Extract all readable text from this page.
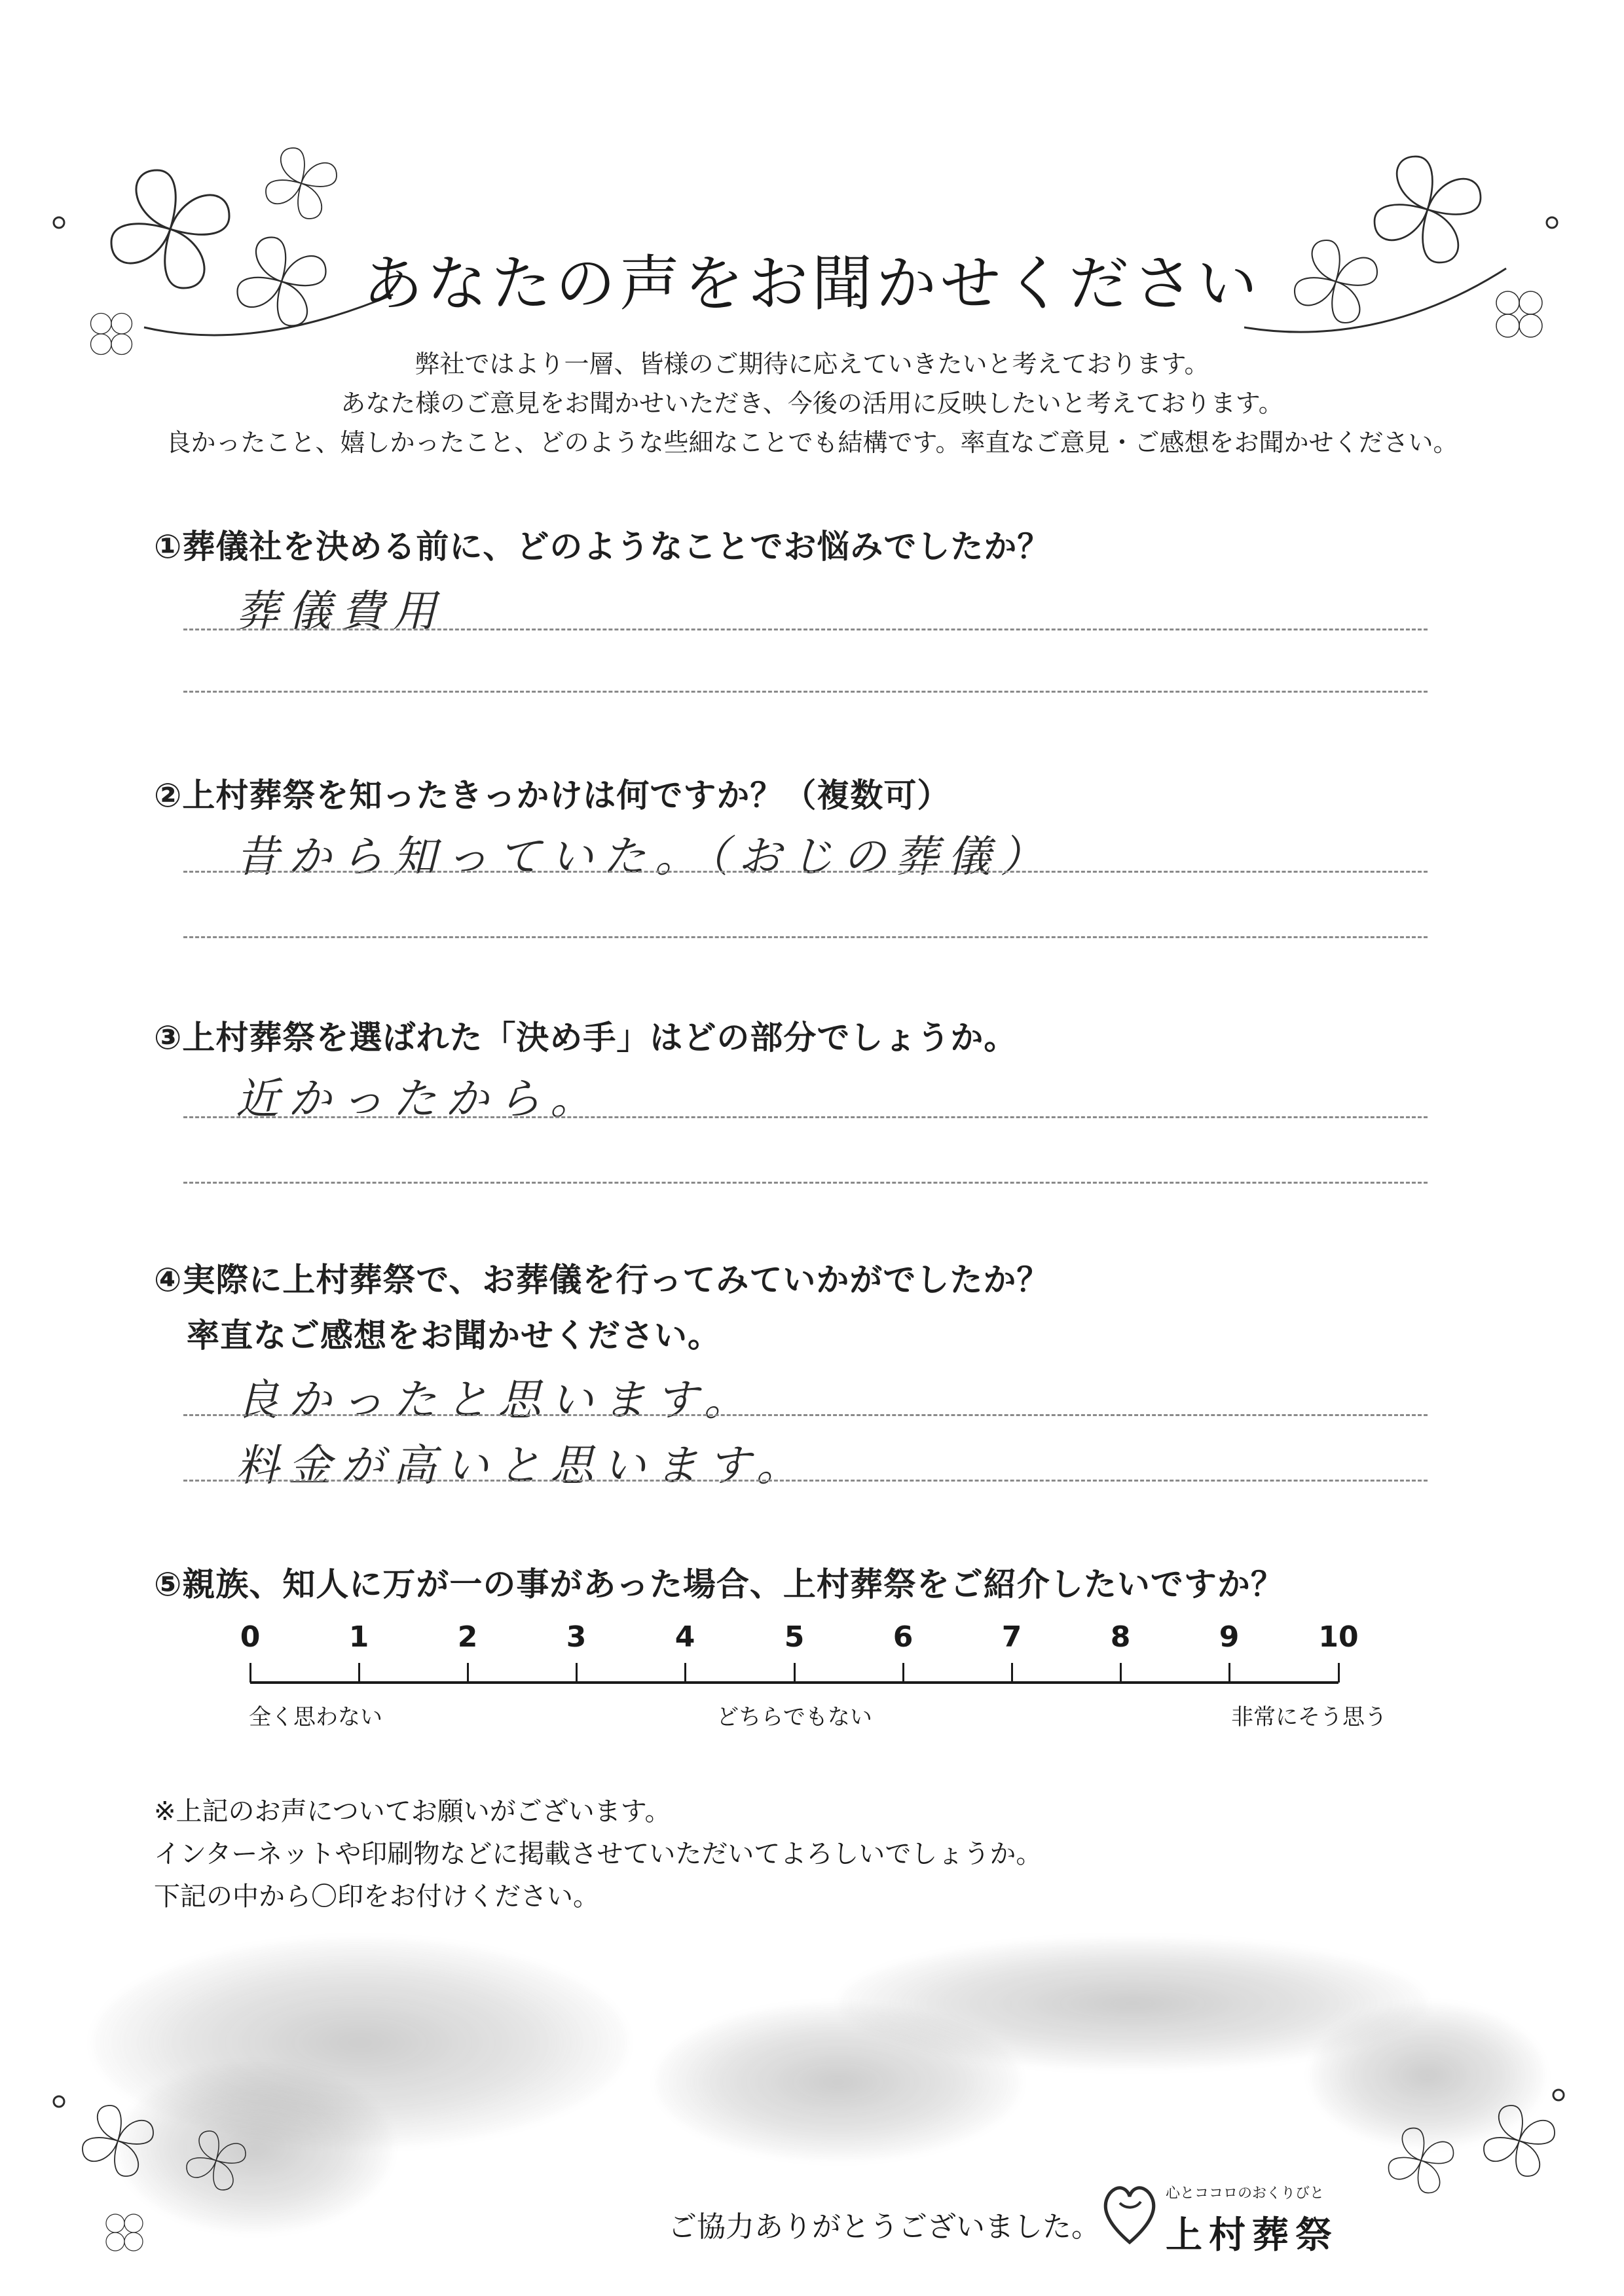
あなたの声をお聞かせください
弊社ではより一層、皆様のご期待に応えていきたいと考えております。
あなた様のご意見をお聞かせいただき、今後の活用に反映したいと考えております。
良かったこと、嬉しかったこと、どのような些細なことでも結構です。率直なご意見・ご感想をお聞かせください。
①葬儀社を決める前に、どのようなことでお悩みでしたか？
葬儀費用
②上村葬祭を知ったきっかけは何ですか？（複数可）
昔から知っていた。（おじの葬儀）
③上村葬祭を選ばれた「決め手」はどの部分でしょうか。
近かったから。
④実際に上村葬祭で、お葬儀を行ってみていかがでしたか？
率直なご感想をお聞かせください。
良かったと思います。
料金が高いと思います。
⑤親族、知人に万が一の事があった場合、上村葬祭をご紹介したいですか？
0	1	2	3	4	5	6	7	8	9	10
全く思わない	どちらでもない	非常にそう思う
※上記のお声についてお願いがございます。
インターネットや印刷物などに掲載させていただいてよろしいでしょうか。
下記の中から〇印をお付けください。
ご協力ありがとうございました。
心とココロのおくりびと
上村葬祭
